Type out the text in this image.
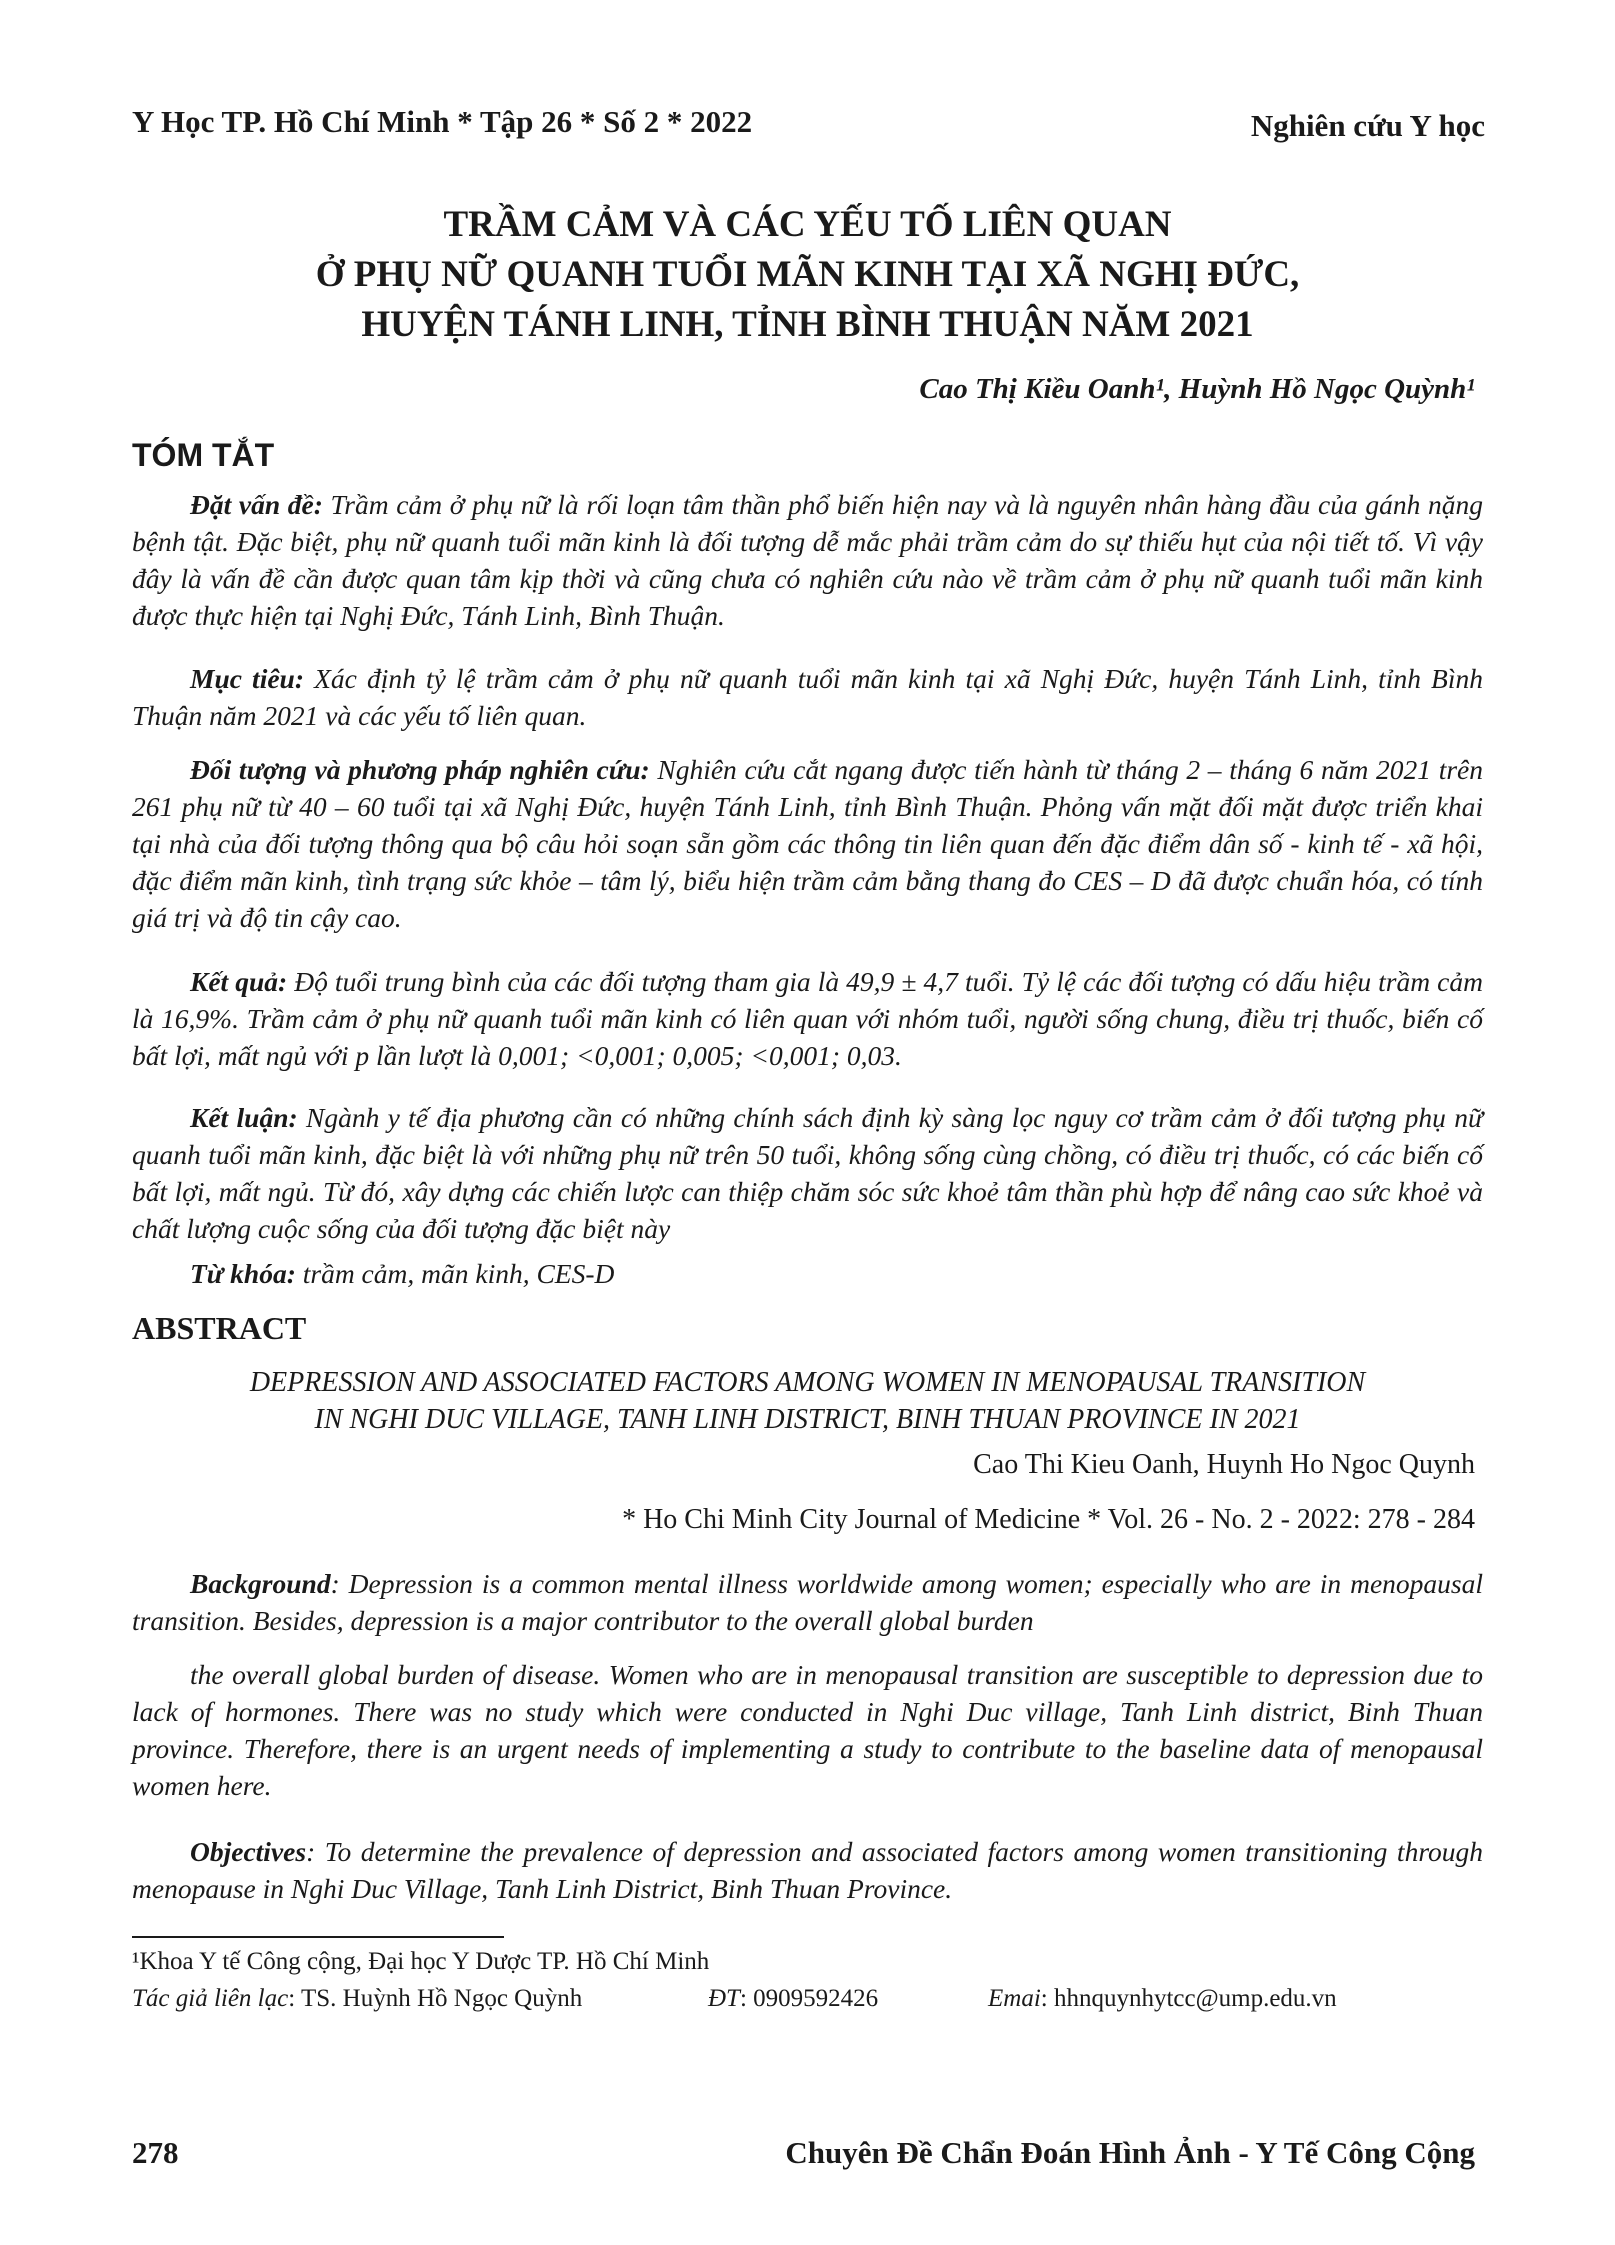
Y Học TP. Hồ Chí Minh * Tập 26 * Số 2 * 2022	Nghiên cứu Y học
TRẦM CẢM VÀ CÁC YẾU TỐ LIÊN QUAN
Ở PHỤ NỮ QUANH TUỔI MÃN KINH TẠI XÃ NGHỊ ĐỨC,
HUYỆN TÁNH LINH, TỈNH BÌNH THUẬN NĂM 2021
Cao Thị Kiều Oanh¹, Huỳnh Hồ Ngọc Quỳnh¹
TÓM TẮT
Đặt vấn đề: Trầm cảm ở phụ nữ là rối loạn tâm thần phổ biến hiện nay và là nguyên nhân hàng đầu của gánh nặng bệnh tật. Đặc biệt, phụ nữ quanh tuổi mãn kinh là đối tượng dễ mắc phải trầm cảm do sự thiếu hụt của nội tiết tố. Vì vậy đây là vấn đề cần được quan tâm kịp thời và cũng chưa có nghiên cứu nào về trầm cảm ở phụ nữ quanh tuổi mãn kinh được thực hiện tại Nghị Đức, Tánh Linh, Bình Thuận.
Mục tiêu: Xác định tỷ lệ trầm cảm ở phụ nữ quanh tuổi mãn kinh tại xã Nghị Đức, huyện Tánh Linh, tỉnh Bình Thuận năm 2021 và các yếu tố liên quan.
Đối tượng và phương pháp nghiên cứu: Nghiên cứu cắt ngang được tiến hành từ tháng 2 – tháng 6 năm 2021 trên 261 phụ nữ từ 40 – 60 tuổi tại xã Nghị Đức, huyện Tánh Linh, tỉnh Bình Thuận. Phỏng vấn mặt đối mặt được triển khai tại nhà của đối tượng thông qua bộ câu hỏi soạn sẵn gồm các thông tin liên quan đến đặc điểm dân số - kinh tế - xã hội, đặc điểm mãn kinh, tình trạng sức khỏe – tâm lý, biểu hiện trầm cảm bằng thang đo CES – D đã được chuẩn hóa, có tính giá trị và độ tin cậy cao.
Kết quả: Độ tuổi trung bình của các đối tượng tham gia là 49,9 ± 4,7 tuổi. Tỷ lệ các đối tượng có dấu hiệu trầm cảm là 16,9%. Trầm cảm ở phụ nữ quanh tuổi mãn kinh có liên quan với nhóm tuổi, người sống chung, điều trị thuốc, biến cố bất lợi, mất ngủ với p lần lượt là 0,001; <0,001; 0,005; <0,001; 0,03.
Kết luận: Ngành y tế địa phương cần có những chính sách định kỳ sàng lọc nguy cơ trầm cảm ở đối tượng phụ nữ quanh tuổi mãn kinh, đặc biệt là với những phụ nữ trên 50 tuổi, không sống cùng chồng, có điều trị thuốc, có các biến cố bất lợi, mất ngủ. Từ đó, xây dựng các chiến lược can thiệp chăm sóc sức khoẻ tâm thần phù hợp để nâng cao sức khoẻ và chất lượng cuộc sống của đối tượng đặc biệt này
Từ khóa: trầm cảm, mãn kinh, CES-D
ABSTRACT
DEPRESSION AND ASSOCIATED FACTORS AMONG WOMEN IN MENOPAUSAL TRANSITION
IN NGHI DUC VILLAGE, TANH LINH DISTRICT, BINH THUAN PROVINCE IN 2021
Cao Thi Kieu Oanh, Huynh Ho Ngoc Quynh
* Ho Chi Minh City Journal of Medicine * Vol. 26 - No. 2 - 2022: 278 - 284
Background: Depression is a common mental illness worldwide among women; especially who are in menopausal transition. Besides, depression is a major contributor to the overall global burden
the overall global burden of disease. Women who are in menopausal transition are susceptible to depression due to lack of hormones. There was no study which were conducted in Nghi Duc village, Tanh Linh district, Binh Thuan province. Therefore, there is an urgent needs of implementing a study to contribute to the baseline data of menopausal women here.
Objectives: To determine the prevalence of depression and associated factors among women transitioning through menopause in Nghi Duc Village, Tanh Linh District, Binh Thuan Province.
¹Khoa Y tế Công cộng, Đại học Y Dược TP. Hồ Chí Minh
Tác giả liên lạc: TS. Huỳnh Hồ Ngọc Quỳnh	ĐT: 0909592426	Emai: hhnquynhytcc@ump.edu.vn
278	Chuyên Đề Chẩn Đoán Hình Ảnh - Y Tế Công Cộng
